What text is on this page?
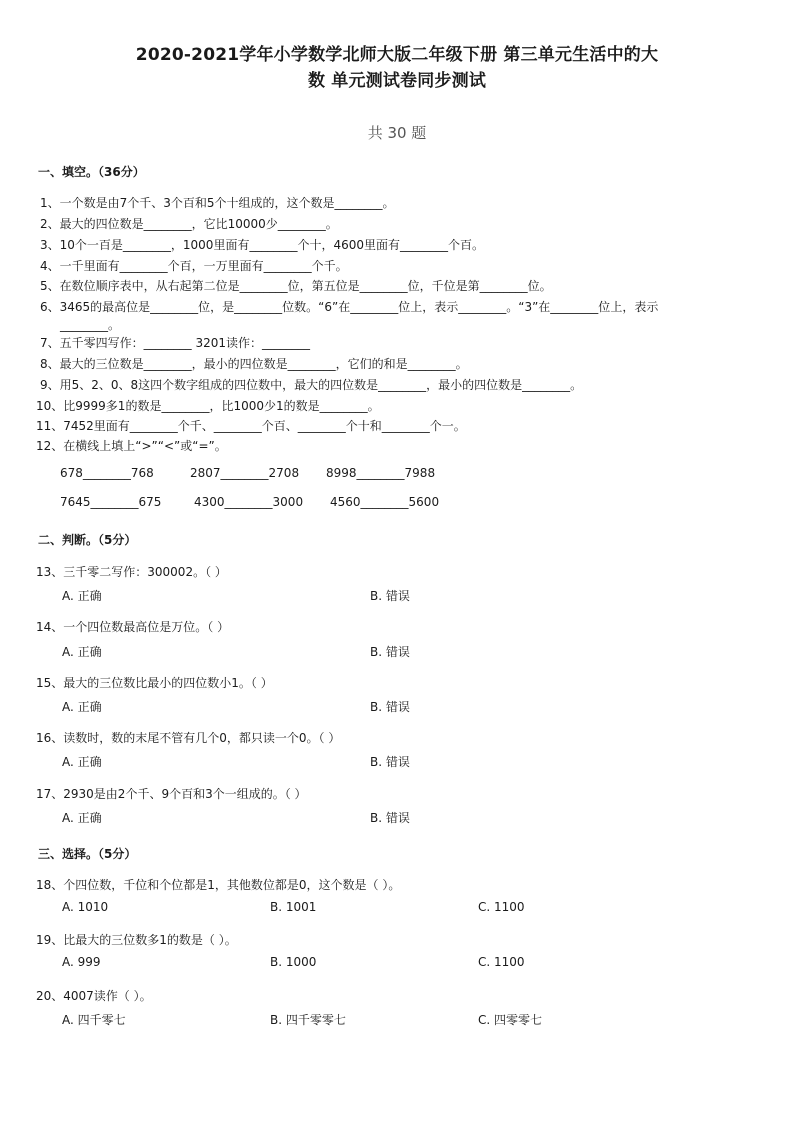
2020-2021学年小学数学北师大版二年级下册 第三单元生活中的大
数 单元测试卷同步测试
共 30 题
一、填空。（36分）
1、一个数是由7个千、3个百和5个十组成的，这个数是________。
2、最大的四位数是________，它比10000少________。
3、10个一百是________，1000里面有________个十，4600里面有________个百。
4、一千里面有________个百，一万里面有________个千。
5、在数位顺序表中，从右起第二位是________位，第五位是________位，千位是第________位。
6、3465的最高位是________位，是________位数。“6”在________位上，表示________。“3”在________位上，表示
________。
7、五千零四写作：________ 3201读作：________
8、最大的三位数是________，最小的四位数是________，它们的和是________。
9、用5、2、0、8这四个数字组成的四位数中，最大的四位数是________，最小的四位数是________。
10、比9999多1的数是________，比1000少1的数是________。
11、7452里面有________个千、________个百、________个十和________个一。
12、在横线上填上“>”“<”或“=”。
678________768	2807________2708 8998________7988
7645________675	4300________3000 4560________5600
二、判断。（5分）
13、三千零二写作：300002。（ ）
A. 正确	B. 错误
14、一个四位数最高位是万位。（ ）
A. 正确	B. 错误
15、最大的三位数比最小的四位数小1。（ ）
A. 正确	B. 错误
16、读数时，数的末尾不管有几个0，都只读一个0。（ ）
A. 正确	B. 错误
17、2930是由2个千、9个百和3个一组成的。（ ）
A. 正确	B. 错误
三、选择。（5分）
18、个四位数，千位和个位都是1，其他数位都是0，这个数是（ ）。
A. 1010	B. 1001	C. 1100
19、比最大的三位数多1的数是（ ）。
A. 999	B. 1000	C. 1100
20、4007读作（ ）。
A. 四千零七	B. 四千零零七	C. 四零零七
